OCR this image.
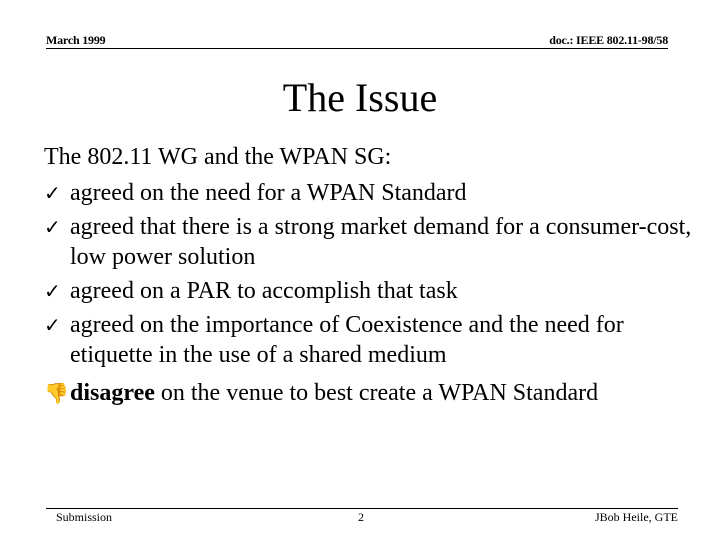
March 1999	doc.: IEEE 802.11-98/58
The Issue

The 802.11 WG and the WPAN SG:

✓ agreed on the need for a WPAN Standard

✓ agreed that there is a strong market demand for a consumer-cost, low power solution

✓ agreed on a PAR to accomplish that task

✓ agreed on the importance of Coexistence and the need for etiquette in the use of a shared medium

👎 disagree on the venue to best create a WPAN Standard

Submission	2	JBob Heile, GTE
